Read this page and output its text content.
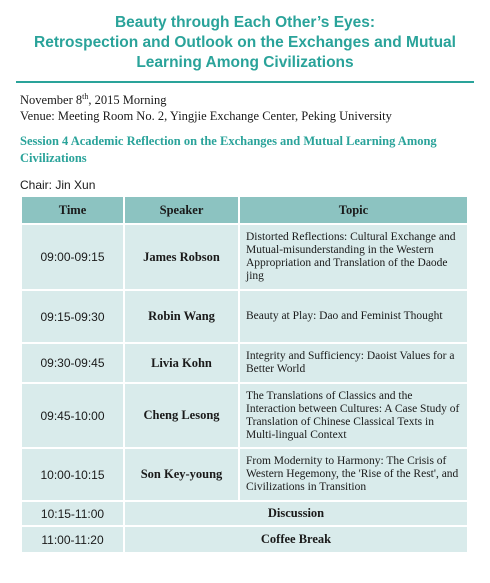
Beauty through Each Other’s Eyes:
Retrospection and Outlook on the Exchanges and Mutual
Learning Among Civilizations
November 8th, 2015 Morning
Venue: Meeting Room No. 2, Yingjie Exchange Center, Peking University
Session 4 Academic Reflection on the Exchanges and Mutual Learning Among Civilizations
Chair: Jin Xun
Time	Speaker	Topic
09:00-09:15	James Robson	Distorted Reflections: Cultural Exchange and Mutual-misunderstanding in the Western Appropriation and Translation of the Daode jing
09:15-09:30	Robin Wang	Beauty at Play: Dao and Feminist Thought
09:30-09:45	Livia Kohn	Integrity and Sufficiency: Daoist Values for a Better World
09:45-10:00	Cheng Lesong	The Translations of Classics and the Interaction between Cultures: A Case Study of Translation of Chinese Classical Texts in Multi-lingual Context
10:00-10:15	Son Key-young	From Modernity to Harmony: The Crisis of Western Hegemony, the 'Rise of the Rest', and Civilizations in Transition
10:15-11:00	Discussion	
11:00-11:20	Coffee Break	
